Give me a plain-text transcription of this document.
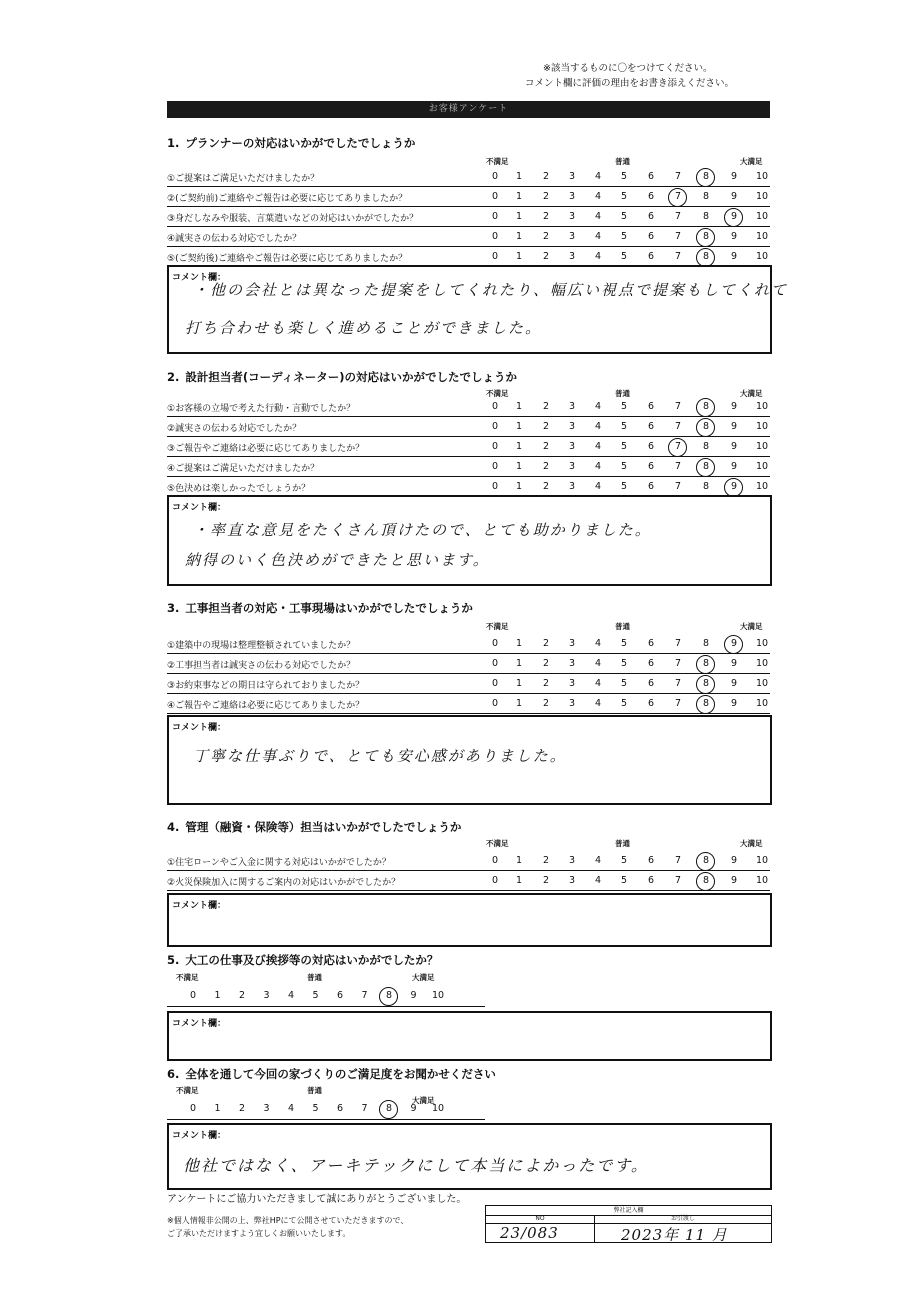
※該当するものに〇をつけてください。
コメント欄に評価の理由をお書き添えください。
お客様アンケート
1. プランナーの対応はいかがでしたでしょうか
不満足	普通	大満足
①ご提案はご満足いただけましたか？	0	1	2	3	4	5	6	7	8	9	10
②(ご契約前)ご連絡やご報告は必要に応じてありましたか？	0	1	2	3	4	5	6	7	8	9	10
③身だしなみや服装、言葉遣いなどの対応はいかがでしたか？	0	1	2	3	4	5	6	7	8	9	10
④誠実さの伝わる対応でしたか？	0	1	2	3	4	5	6	7	8	9	10
⑤(ご契約後)ご連絡やご報告は必要に応じてありましたか？	0	1	2	3	4	5	6	7	8	9	10
コメント欄：
・他の会社とは異なった提案をしてくれたり、幅広い視点で提案もしてくれて
打ち合わせも楽しく進めることができました。
2. 設計担当者(コーディネーター)の対応はいかがでしたでしょうか
不満足	普通	大満足
①お客様の立場で考えた行動・言動でしたか？	0	1	2	3	4	5	6	7	8	9	10
②誠実さの伝わる対応でしたか？	0	1	2	3	4	5	6	7	8	9	10
③ご報告やご連絡は必要に応じてありましたか？	0	1	2	3	4	5	6	7	8	9	10
④ご提案はご満足いただけましたか？	0	1	2	3	4	5	6	7	8	9	10
⑤色決めは楽しかったでしょうか？	0	1	2	3	4	5	6	7	8	9	10
コメント欄：
・率直な意見をたくさん頂けたので、とても助かりました。
納得のいく色決めができたと思います。
3. 工事担当者の対応・工事現場はいかがでしたでしょうか
不満足	普通	大満足
①建築中の現場は整理整頓されていましたか？	0	1	2	3	4	5	6	7	8	9	10
②工事担当者は誠実さの伝わる対応でしたか？	0	1	2	3	4	5	6	7	8	9	10
③お約束事などの期日は守られておりましたか？	0	1	2	3	4	5	6	7	8	9	10
④ご報告やご連絡は必要に応じてありましたか？	0	1	2	3	4	5	6	7	8	9	10
コメント欄：
丁寧な仕事ぶりで、とても安心感がありました。
4. 管理（融資・保険等）担当はいかがでしたでしょうか
不満足	普通	大満足
①住宅ローンやご入金に関する対応はいかがでしたか？	0	1	2	3	4	5	6	7	8	9	10
②火災保険加入に関するご案内の対応はいかがでしたか？	0	1	2	3	4	5	6	7	8	9	10
コメント欄：
5. 大工の仕事及び挨拶等の対応はいかがでしたか？
不満足	普通	大満足
0	1	2	3	4	5	6	7	8	9	10
コメント欄：
6. 全体を通して今回の家づくりのご満足度をお聞かせください
不満足	普通
大満足
0	1	2	3	4	5	6	7	8	9	10
コメント欄：
他社ではなく、アーキテックにして本当によかったです。
アンケートにご協力いただきまして誠にありがとうございました。
※個人情報非公開の上、弊社HPにて公開させていただきますので、
ご了承いただけますよう宜しくお願いいたします。
弊社記入欄
NO	お引渡し
23/083	2023年 11 月
